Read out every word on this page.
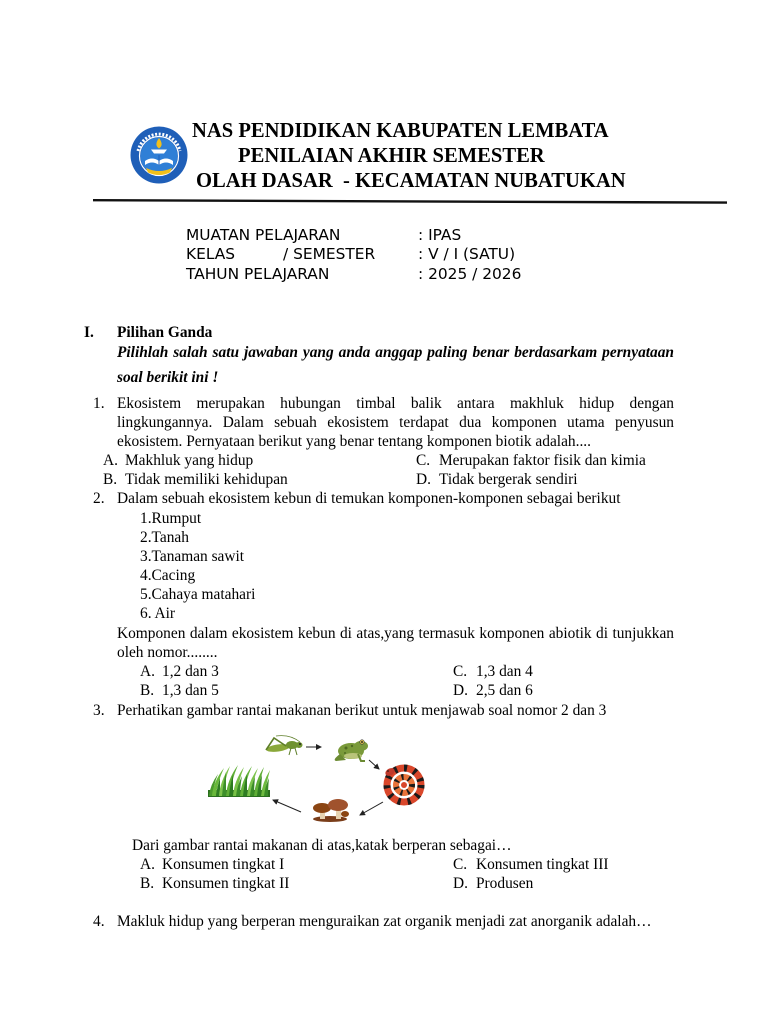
NAS PENDIDIKAN KABUPATEN LEMBATA
PENILAIAN AKHIR SEMESTER
OLAH DASAR  - KECAMATAN NUBATUKAN
MUATAN PELAJARAN	: IPAS
KELAS	/ SEMESTER	: V / I (SATU)
TAHUN PELAJARAN	: 2025 / 2026
I. Pilihan Ganda
Pilihlah salah satu jawaban yang anda anggap paling benar berdasarkam pernyataan
soal berikit ini !
1. Ekosistem merupakan hubungan timbal balik antara makhluk hidup dengan
lingkungannya. Dalam sebuah ekosistem terdapat dua komponen utama penyusun
ekosistem. Pernyataan berikut yang benar tentang komponen biotik adalah....
A. Makhluk yang hidup
B. Tidak memiliki kehidupan
C. Merupakan faktor fisik dan kimia
D. Tidak bergerak sendiri
2. Dalam sebuah ekosistem kebun di temukan komponen-komponen sebagai berikut
1.Rumput
2.Tanah
3.Tanaman sawit
4.Cacing
5.Cahaya matahari
6. Air
Komponen dalam ekosistem kebun di atas,yang termasuk komponen abiotik di tunjukkan
oleh nomor........
A. 1,2 dan 3
B. 1,3 dan 5
C. 1,3 dan 4
D. 2,5 dan 6
3. Perhatikan gambar rantai makanan berikut untuk menjawab soal nomor 2 dan 3
Dari gambar rantai makanan di atas,katak berperan sebagai…
A. Konsumen tingkat I
B. Konsumen tingkat II
C. Konsumen tingkat III
D. Produsen
4. Makluk hidup yang berperan menguraikan zat organik menjadi zat anorganik adalah…
